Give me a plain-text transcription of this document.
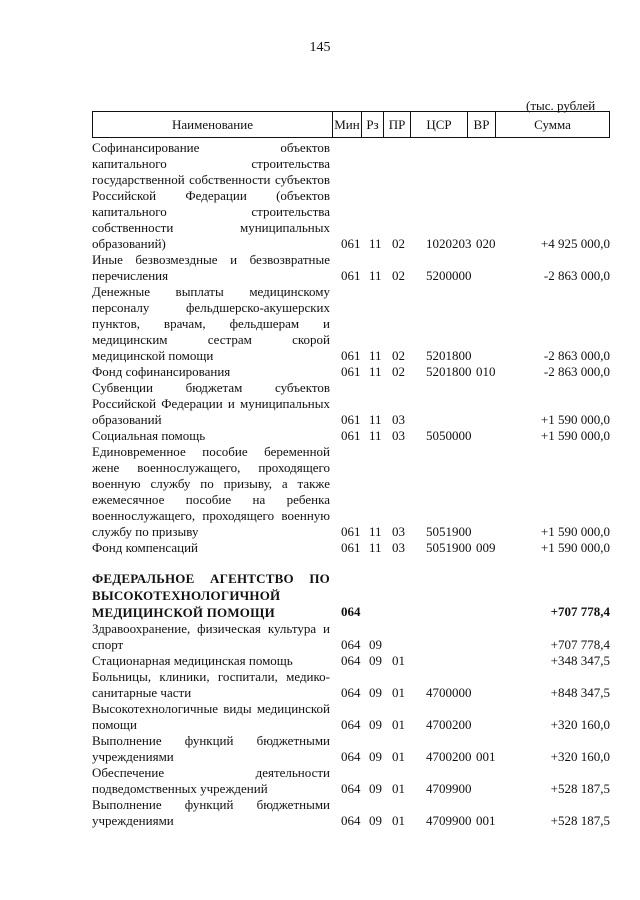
145
(тыс. рублей
Наименование	Мин Рз ПР	ЦСР	ВР	Сумма
Софинансирование объектов капитального строительства государственной собственности субъектов Российской Федерации (объектов капитального строительства собственности муниципальных образований)	061 11 02 1020203 020	+4 925 000,0
Иные безвозмездные и безвозвратные перечисления	061 11 02 5200000	-2 863 000,0
Денежные выплаты медицинскому персоналу фельдшерско-акушерских пунктов, врачам, фельдшерам и медицинским сестрам скорой медицинской помощи	061 11 02 5201800	-2 863 000,0
Фонд софинансирования	061 11 02 5201800 010	-2 863 000,0
Субвенции бюджетам субъектов Российской Федерации и муниципальных образований	061 11 03	+1 590 000,0
Социальная помощь	061 11 03 5050000	+1 590 000,0
Единовременное пособие беременной жене военнослужащего, проходящего военную службу по призыву, а также ежемесячное пособие на ребенка военнослужащего, проходящего военную службу по призыву	061 11 03 5051900	+1 590 000,0
Фонд компенсаций	061 11 03 5051900 009	+1 590 000,0
ФЕДЕРАЛЬНОЕ АГЕНТСТВО ПО ВЫСОКОТЕХНОЛОГИЧНОЙ МЕДИЦИНСКОЙ ПОМОЩИ	064	+707 778,4
Здравоохранение, физическая культура и спорт	064 09	+707 778,4
Стационарная медицинская помощь	064 09 01	+348 347,5
Больницы, клиники, госпитали, медико-санитарные части	064 09 01 4700000	+848 347,5
Высокотехнологичные виды медицинской помощи	064 09 01 4700200	+320 160,0
Выполнение функций бюджетными учреждениями	064 09 01 4700200 001	+320 160,0
Обеспечение деятельности подведомственных учреждений	064 09 01 4709900	+528 187,5
Выполнение функций бюджетными учреждениями	064 09 01 4709900 001	+528 187,5
